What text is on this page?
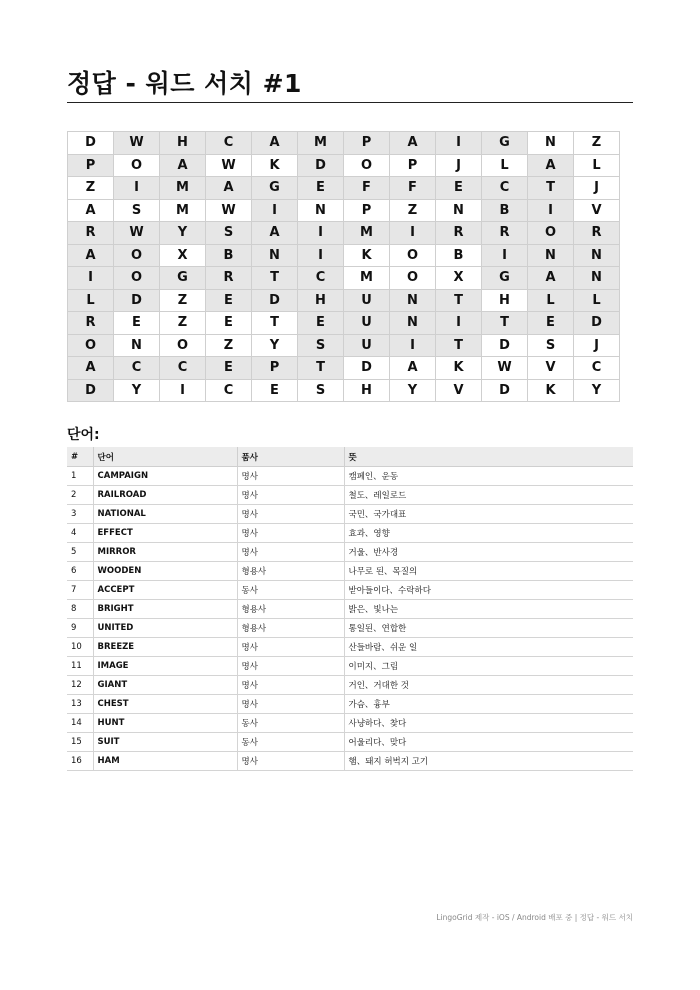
정답 - 워드 서치 #1
D	W	H	C	A	M	P	A	I	G	N	Z
P	O	A	W	K	D	O	P	J	L	A	L
Z	I	M	A	G	E	F	F	E	C	T	J
A	S	M	W	I	N	P	Z	N	B	I	V
R	W	Y	S	A	I	M	I	R	R	O	R
A	O	X	B	N	I	K	O	B	I	N	N
I	O	G	R	T	C	M	O	X	G	A	N
L	D	Z	E	D	H	U	N	T	H	L	L
R	E	Z	E	T	E	U	N	I	T	E	D
O	N	O	Z	Y	S	U	I	T	D	S	J
A	C	C	E	P	T	D	A	K	W	V	C
D	Y	I	C	E	S	H	Y	V	D	K	Y
단어:
#	단어	품사	뜻
1	CAMPAIGN	명사	캠페인、운동
2	RAILROAD	명사	철도、레일로드
3	NATIONAL	명사	국민、국가대표
4	EFFECT	명사	효과、영향
5	MIRROR	명사	거울、반사경
6	WOODEN	형용사	나무로 된、목질의
7	ACCEPT	동사	받아들이다、수락하다
8	BRIGHT	형용사	밝은、빛나는
9	UNITED	형용사	통일된、연합한
10	BREEZE	명사	산들바람、쉬운 일
11	IMAGE	명사	이미지、그림
12	GIANT	명사	거인、거대한 것
13	CHEST	명사	가슴、흉부
14	HUNT	동사	사냥하다、찾다
15	SUIT	동사	어울리다、맞다
16	HAM	명사	햄、돼지 허벅지 고기
LingoGrid 제작 - iOS / Android 배포 중 | 정답 - 워드 서치
